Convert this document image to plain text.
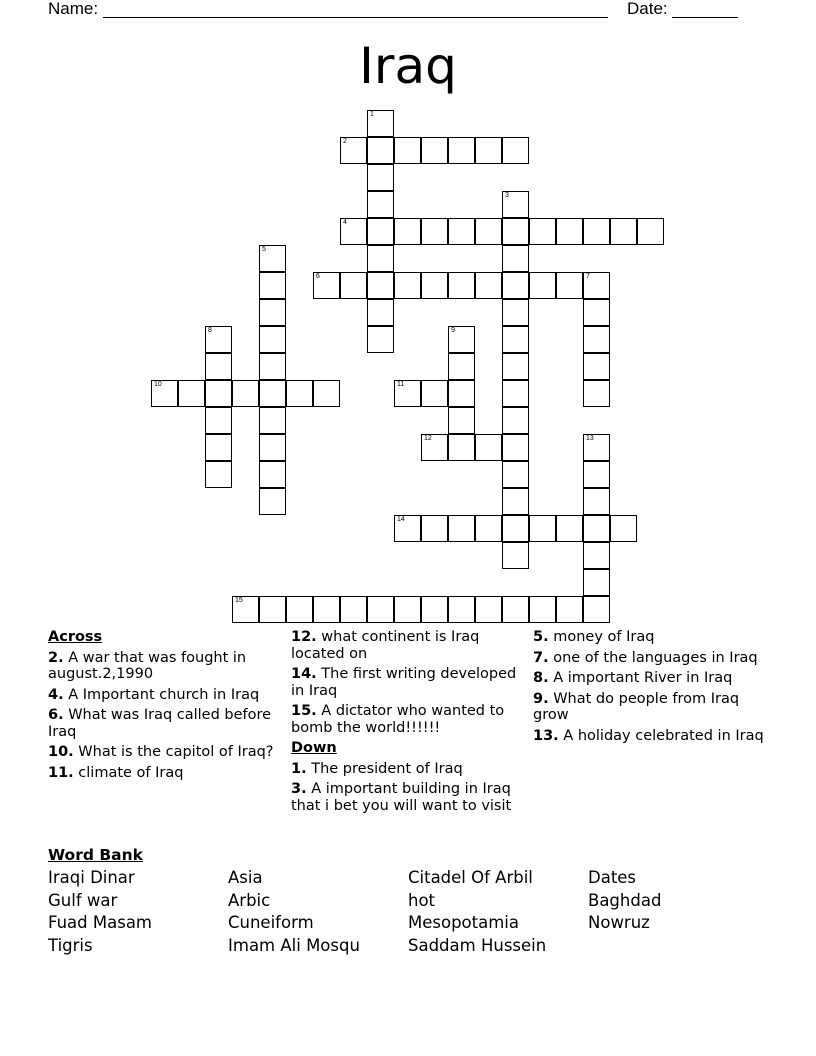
Name:	Date:
Iraq
1
2
3
4
5
6	7
8	9
10	11
12	13
14
15
Across
2. A war that was fought in august.2,1990
4. A Important church in Iraq
6. What was Iraq called before Iraq
10. What is the capitol of Iraq?
11. climate of Iraq
12. what continent is Iraq located on
14. The first writing developed in Iraq
15. A dictator who wanted to bomb the world!!!!!!
Down
1. The president of Iraq
3. A important building in Iraq that i bet you will want to visit
5. money of Iraq
7. one of the languages in Iraq
8. A important River in Iraq
9. What do people from Iraq grow
13. A holiday celebrated in Iraq
Word Bank
Iraqi Dinar	Asia	Citadel Of Arbil	Dates
Gulf war	Arbic	hot	Baghdad
Fuad Masam	Cuneiform	Mesopotamia	Nowruz
Tigris	Imam Ali Mosqu	Saddam Hussein
